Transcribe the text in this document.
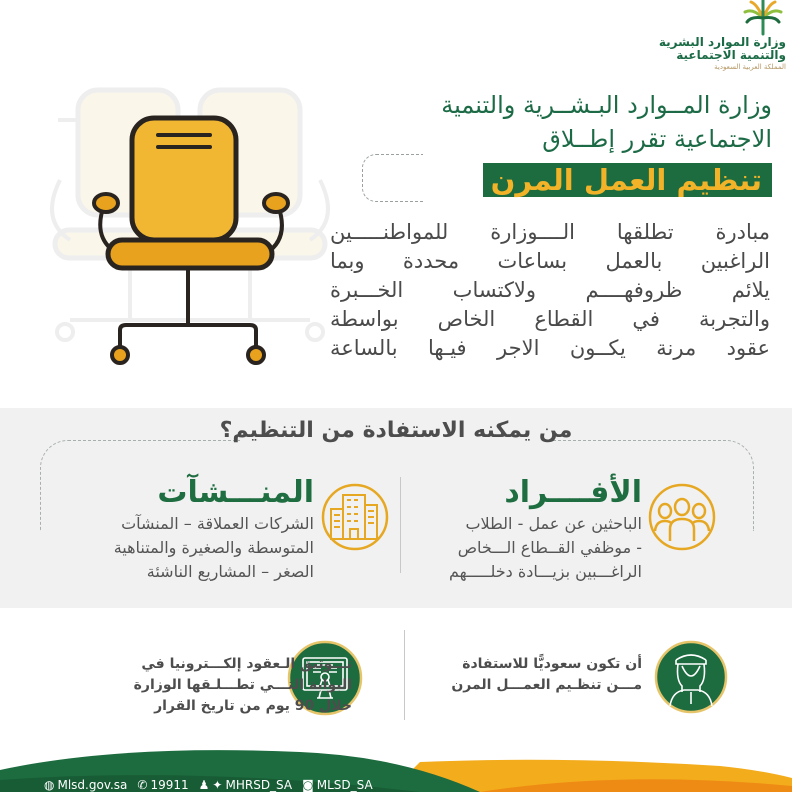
وزارة الموارد البشرية
والتنمية الاجتماعية
المملكة العربية السعودية
وزارة المــوارد البـشــرية والتنمية
الاجتماعية تقرر إطــلاق
تنظيم العمل المرن
مبادرة تطلقها الــــوزارة للمواطنـــــين
الراغبين بالعمل بساعات محددة وبما
يلائم ظروفهــــم ولاكتساب الخـــبرة
والتجربة في القطاع الخاص بواسطة
عقود مرنة يكــون الاجر فيـها بالساعة
من يمكنه الاستفادة من التنظيم؟
الأفــــراد
الباحثين عن عمل - الطلاب
- موظفي القــطاع الـــخاص
الراغـــبين بزيـــادة دخلـــــهم
المنـــشآت
الشركات العملاقة – المنشآت
المتوسطة والصغيرة والمتناهية
الصغر – المشاريع الناشئة
أن تكون سعوديًّا للاستفادة
مـــن تنظـيم العمـــل المرن
تـــوثيق الـعقود إلكـــترونيا في
البوابة التـــي تطـــلـقها الوزارة
خلال 90 يوم من تاريخ القرار
◍ Mlsd.gov.sa ✆ 19911 ♟ ✦ MHRSD_SA ◙ MLSD_SA
